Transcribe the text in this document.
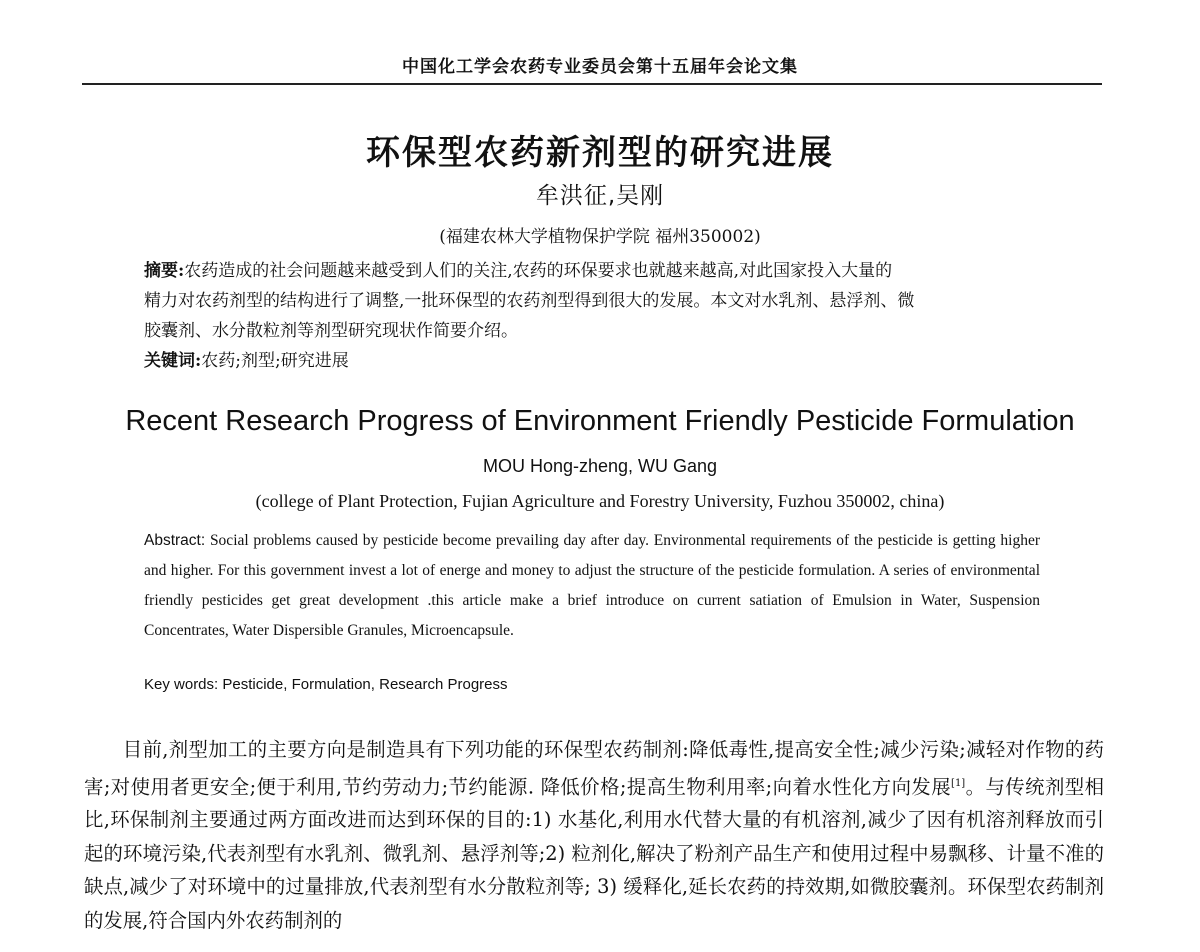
中国化工学会农药专业委员会第十五届年会论文集
环保型农药新剂型的研究进展
牟洪征,吴刚
(福建农林大学植物保护学院 福州350002)

摘要:农药造成的社会问题越来越受到人们的关注,农药的环保要求也就越来越高,对此国家投入大量的

精力对农药剂型的结构进行了调整,一批环保型的农药剂型得到很大的发展。本文对水乳剂、悬浮剂、微

胶囊剂、水分散粒剂等剂型研究现状作简要介绍。

关键词:农药;剂型;研究进展

Recent Research Progress of Environment Friendly Pesticide Formulation
MOU Hong-zheng, WU Gang
(college of Plant Protection, Fujian Agriculture and Forestry University, Fuzhou 350002, china)
Abstract: Social problems caused by pesticide become prevailing day after day. Environmental requirements of the pesticide is getting higher and higher. For this government invest a lot of energe and money to adjust the structure of the pesticide formulation. A series of environmental friendly pesticides get great development .this article make a brief introduce on current satiation of Emulsion in Water, Suspension Concentrates, Water Dispersible Granules, Microencapsule.
Key words: Pesticide, Formulation, Research Progress

目前,剂型加工的主要方向是制造具有下列功能的环保型农药制剂:降低毒性,提高安全性;减少污染;减轻对作物的药害;对使用者更安全;便于利用,节约劳动力;节约能源. 降低价格;提高生物利用率;向着水性化方向发展[1]。与传统剂型相比,环保制剂主要通过两方面改进而达到环保的目的:1) 水基化,利用水代替大量的有机溶剂,减少了因有机溶剂释放而引起的环境污染,代表剂型有水乳剂、微乳剂、悬浮剂等;2) 粒剂化,解决了粉剂产品生产和使用过程中易飘移、计量不准的缺点,减少了对环境中的过量排放,代表剂型有水分散粒剂等; 3) 缓释化,延长农药的持效期,如微胶囊剂。环保型农药制剂的发展,符合国内外农药制剂的
